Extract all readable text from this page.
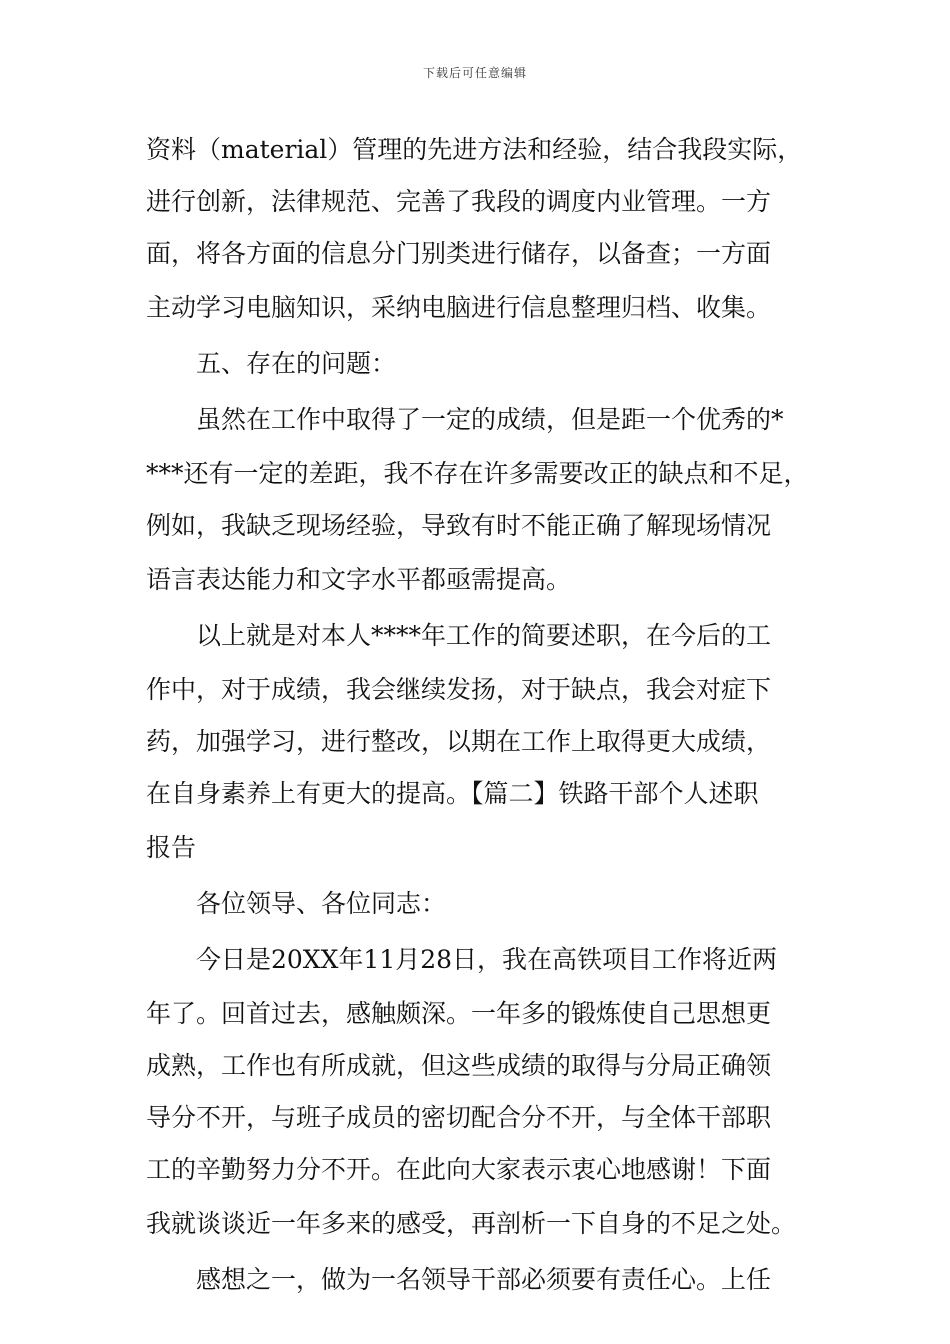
下载后可任意编辑
资料（material）管理的先进方法和经验，结合我段实际，
进行创新，法律规范、完善了我段的调度内业管理。一方
面，将各方面的信息分门别类进行储存，以备查；一方面
主动学习电脑知识，采纳电脑进行信息整理归档、收集。
五、存在的问题：
虽然在工作中取得了一定的成绩，但是距一个优秀的*
***还有一定的差距，我不存在许多需要改正的缺点和不足，
例如，我缺乏现场经验，导致有时不能正确了解现场情况
语言表达能力和文字水平都亟需提高。
以上就是对本人****年工作的简要述职，在今后的工
作中，对于成绩，我会继续发扬，对于缺点，我会对症下
药，加强学习，进行整改，以期在工作上取得更大成绩，
在自身素养上有更大的提高。【篇二】铁路干部个人述职
报告
各位领导、各位同志：
今日是20XX年11月28日，我在高铁项目工作将近两
年了。回首过去，感触颇深。一年多的锻炼使自己思想更
成熟，工作也有所成就，但这些成绩的取得与分局正确领
导分不开，与班子成员的密切配合分不开，与全体干部职
工的辛勤努力分不开。在此向大家表示衷心地感谢！下面
我就谈谈近一年多来的感受，再剖析一下自身的不足之处。
感想之一，做为一名领导干部必须要有责任心。上任
